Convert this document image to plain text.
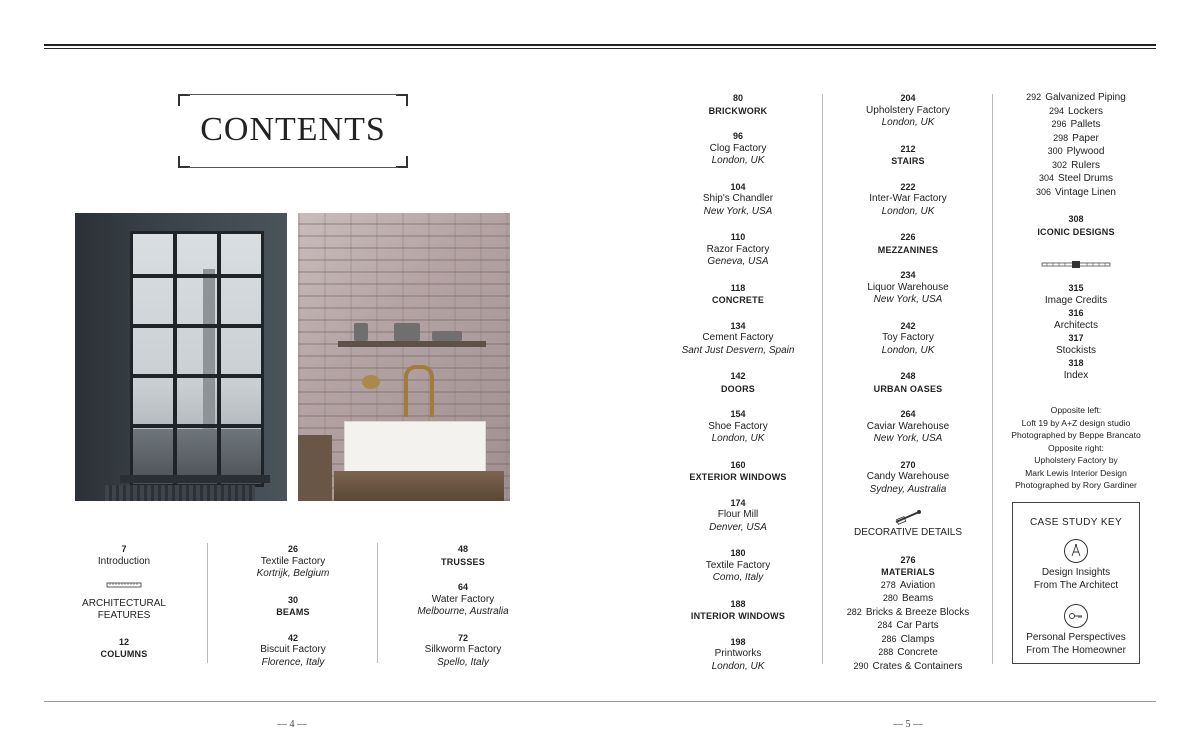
CONTENTS
7
Introduction
ARCHITECTURAL FEATURES
12
COLUMNS
26
Textile Factory
Kortrijk, Belgium
30
BEAMS
42
Biscuit Factory
Florence, Italy
48
TRUSSES
64
Water Factory
Melbourne, Australia
72
Silkworm Factory
Spello, Italy
80
BRICKWORK
96
Clog Factory
London, UK
104
Ship's Chandler
New York, USA
110
Razor Factory
Geneva, USA
118
CONCRETE
134
Cement Factory
Sant Just Desvern, Spain
142
DOORS
154
Shoe Factory
London, UK
160
EXTERIOR WINDOWS
174
Flour Mill
Denver, USA
180
Textile Factory
Como, Italy
188
INTERIOR WINDOWS
198
Printworks
London, UK
204
Upholstery Factory
London, UK
212
STAIRS
222
Inter-War Factory
London, UK
226
MEZZANINES
234
Liquor Warehouse
New York, USA
242
Toy Factory
London, UK
248
URBAN OASES
264
Caviar Warehouse
New York, USA
270
Candy Warehouse
Sydney, Australia
DECORATIVE DETAILS
276
MATERIALS
278 Aviation
280 Beams
282 Bricks & Breeze Blocks
284 Car Parts
286 Clamps
288 Concrete
290 Crates & Containers
292 Galvanized Piping
294 Lockers
296 Pallets
298 Paper
300 Plywood
302 Rulers
304 Steel Drums
306 Vintage Linen
308
ICONIC DESIGNS
315
Image Credits
316
Architects
317
Stockists
318
Index
Opposite left:
Loft 19 by A+Z design studio
Photographed by Beppe Brancato
Opposite right:
Upholstery Factory by
Mark Lewis Interior Design
Photographed by Rory Gardiner
CASE STUDY KEY
Design Insights
From The Architect
Personal Perspectives
From The Homeowner
— 4 —	— 5 —
